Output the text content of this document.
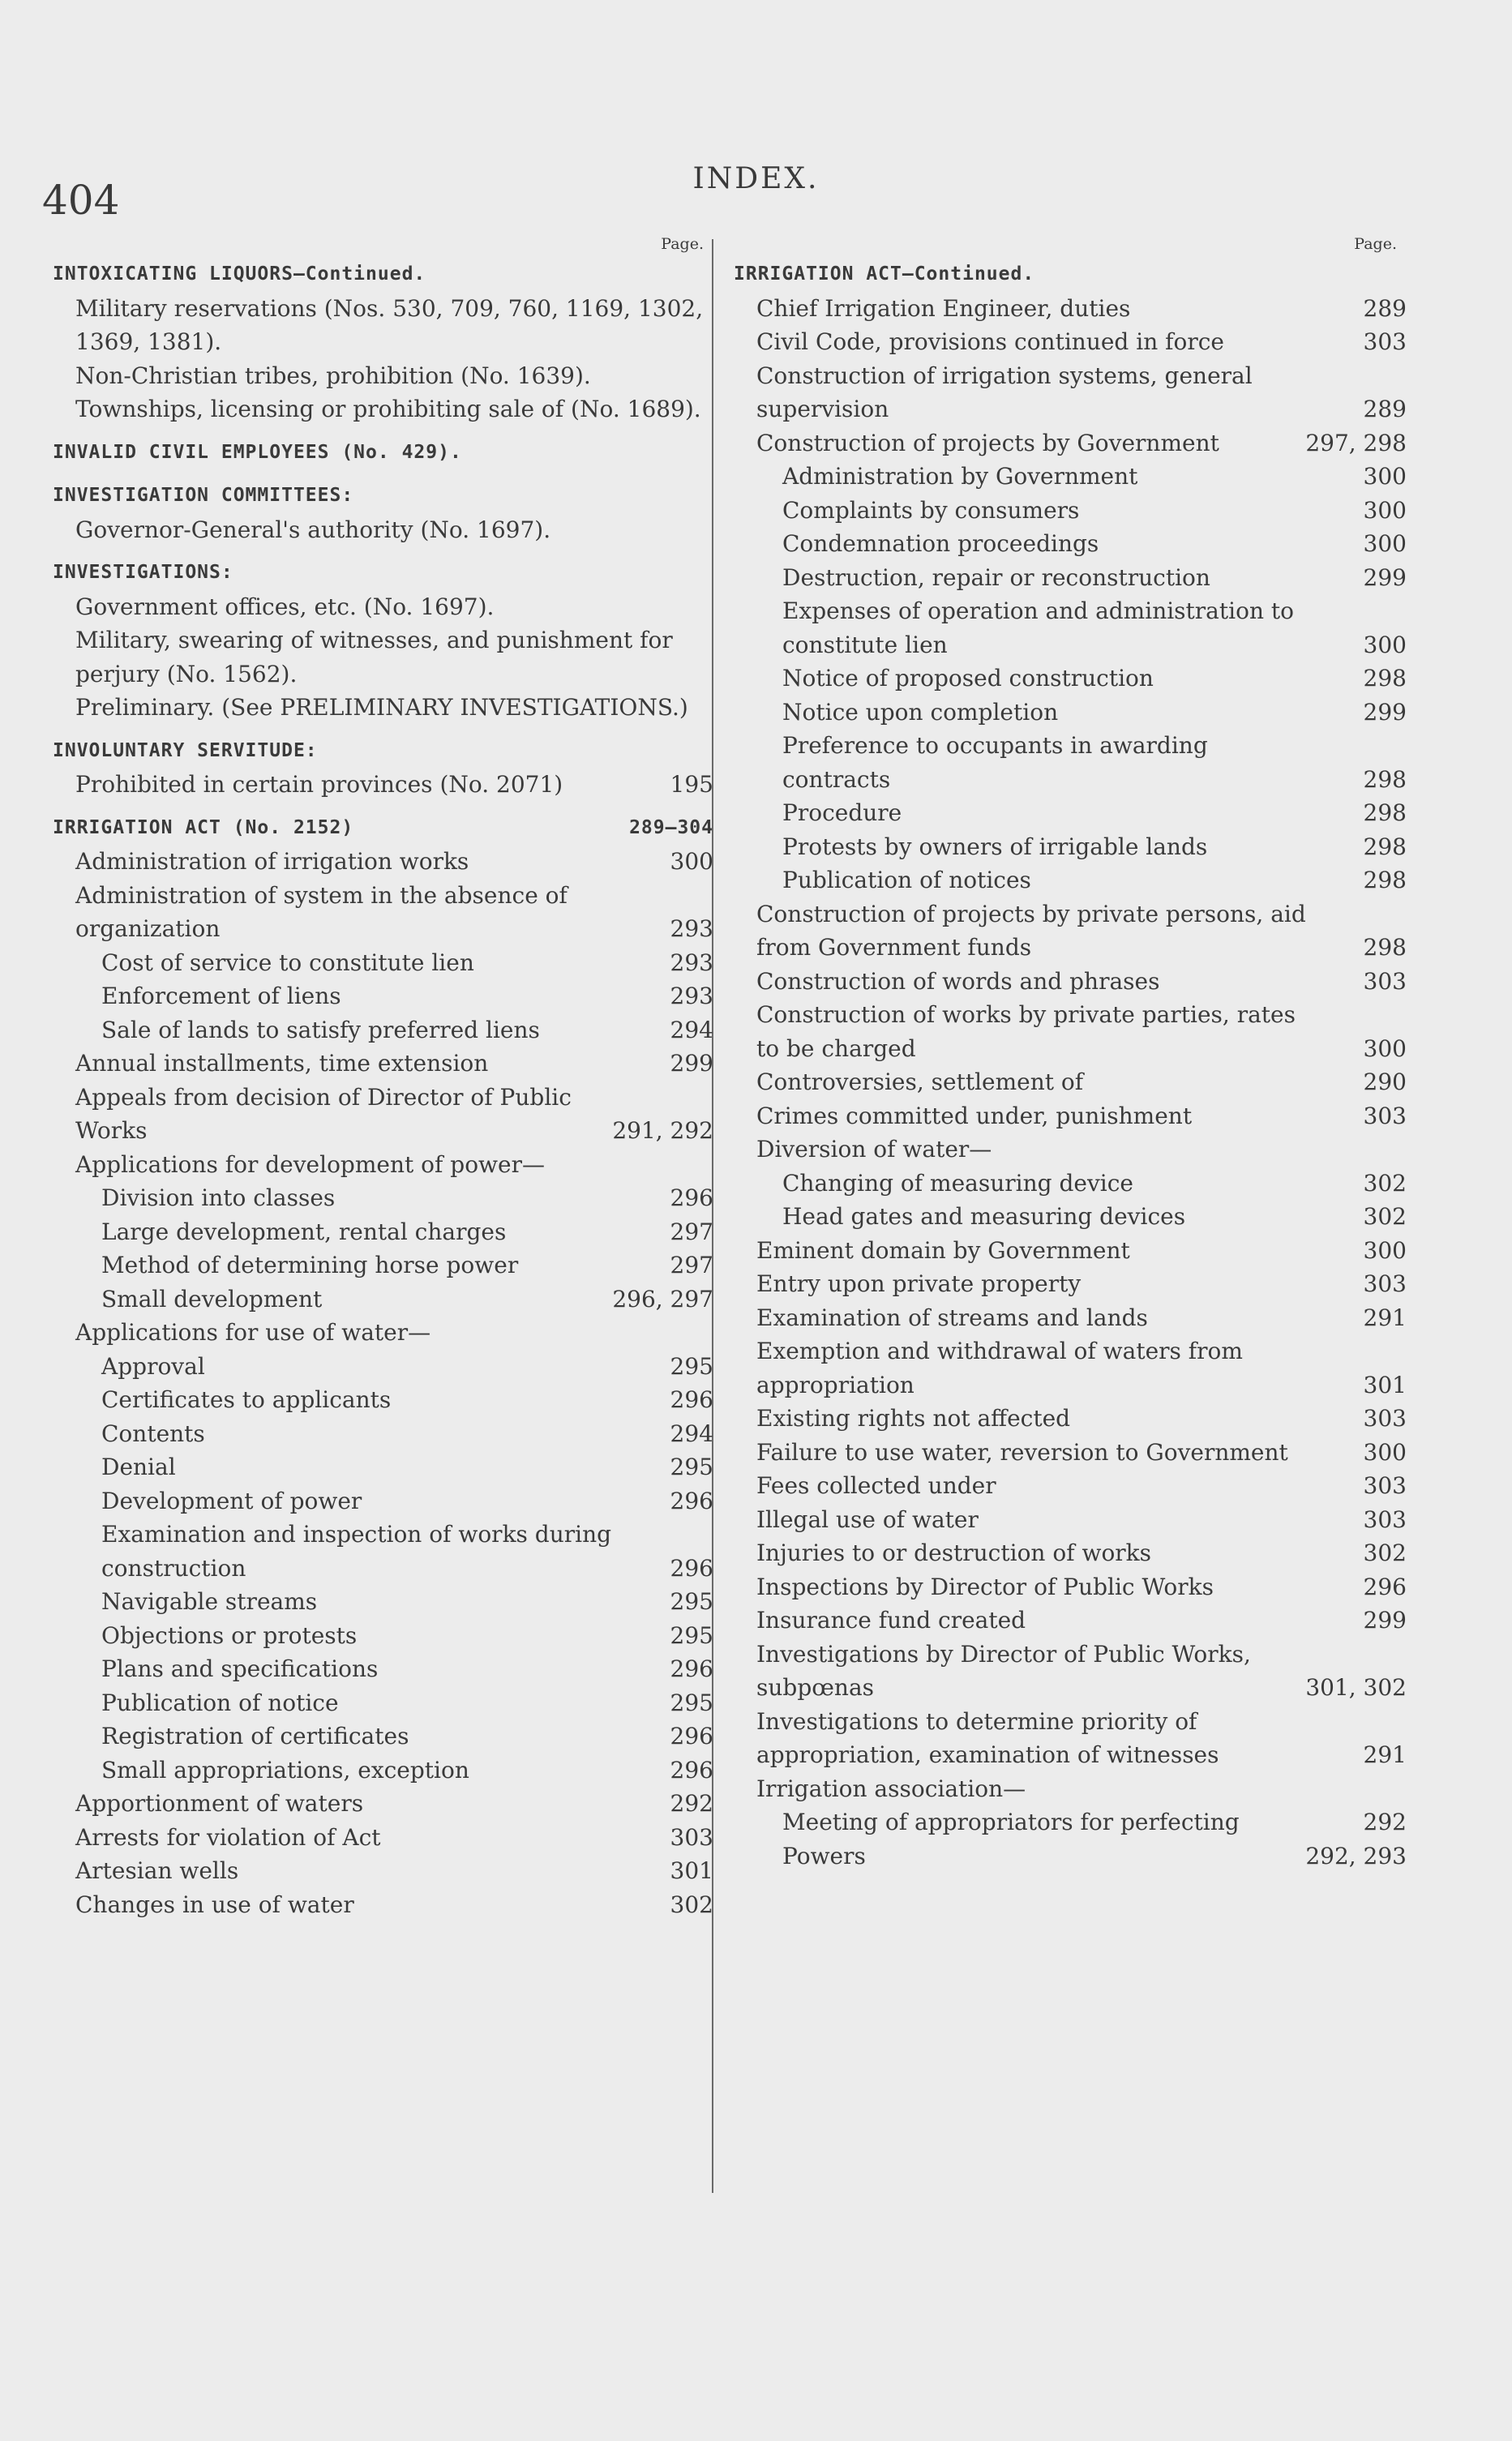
404	INDEX.
Page.
INTOXICATING LIQUORS—Continued.
Military reservations (Nos. 530, 709, 760, 1169, 1302, 1369, 1381).
Non-Christian tribes, prohibition (No. 1639).
Townships, licensing or prohibiting sale of (No. 1689).
INVALID CIVIL EMPLOYEES (No. 429).
INVESTIGATION COMMITTEES:
Governor-General's authority (No. 1697).
INVESTIGATIONS:
Government offices, etc. (No. 1697).
Military, swearing of witnesses, and punishment for perjury (No. 1562).
Preliminary. (See PRELIMINARY INVESTIGATIONS.)
INVOLUNTARY SERVITUDE:
Prohibited in certain provinces (No. 2071)	195
IRRIGATION ACT (No. 2152)	289–304
Administration of irrigation works	300
Administration of system in the absence of organization	293
Cost of service to constitute lien	293
Enforcement of liens	293
Sale of lands to satisfy preferred liens	294
Annual installments, time extension	299
Appeals from decision of Director of Public Works	291, 292
Applications for development of power—
Division into classes	296
Large development, rental charges	297
Method of determining horse power	297
Small development	296, 297
Applications for use of water—
Approval	295
Certificates to applicants	296
Contents	294
Denial	295
Development of power	296
Examination and inspection of works during construction	296
Navigable streams	295
Objections or protests	295
Plans and specifications	296
Publication of notice	295
Registration of certificates	296
Small appropriations, exception	296
Apportionment of waters	292
Arrests for violation of Act	303
Artesian wells	301
Changes in use of water	302
Page.
IRRIGATION ACT—Continued.
Chief Irrigation Engineer, duties	289
Civil Code, provisions continued in force	303
Construction of irrigation systems, general supervision	289
Construction of projects by Government	297, 298
Administration by Government	300
Complaints by consumers	300
Condemnation proceedings	300
Destruction, repair or reconstruction	299
Expenses of operation and administration to constitute lien	300
Notice of proposed construction	298
Notice upon completion	299
Preference to occupants in awarding contracts	298
Procedure	298
Protests by owners of irrigable lands	298
Publication of notices	298
Construction of projects by private persons, aid from Government funds	298
Construction of words and phrases	303
Construction of works by private parties, rates to be charged	300
Controversies, settlement of	290
Crimes committed under, punishment	303
Diversion of water—
Changing of measuring device	302
Head gates and measuring devices	302
Eminent domain by Government	300
Entry upon private property	303
Examination of streams and lands	291
Exemption and withdrawal of waters from appropriation	301
Existing rights not affected	303
Failure to use water, reversion to Government	300
Fees collected under	303
Illegal use of water	303
Injuries to or destruction of works	302
Inspections by Director of Public Works	296
Insurance fund created	299
Investigations by Director of Public Works, subpœnas	301, 302
Investigations to determine priority of appropriation, examination of witnesses	291
Irrigation association—
Meeting of appropriators for perfecting	292
Powers	292, 293
